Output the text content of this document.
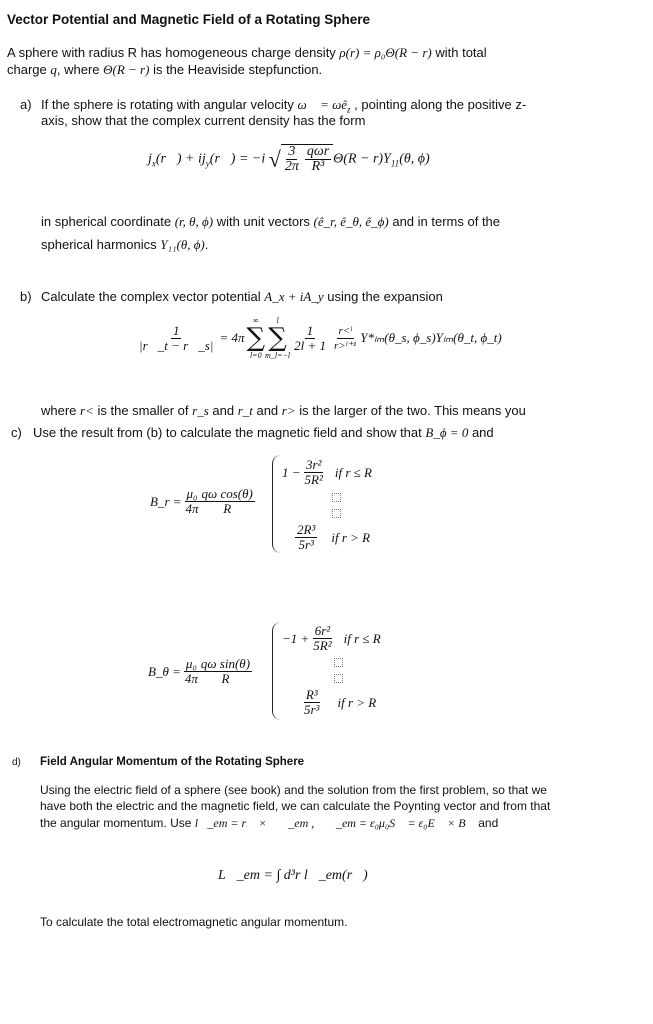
Vector Potential and Magnetic Field of a Rotating Sphere
A sphere with radius R has homogeneous charge density ρ(r) = ρ₀Θ(R − r) with total
charge q, where Θ(R − r) is the Heaviside stepfunction.
a) If the sphere is rotating with angular velocity ω⃗ = $\omega ê_z$ , pointing along the positive z-
axis, show that the complex current density has the form
$j_x(r⃗)$ + $ij_y(r⃗) = -i$ √ $\frac{3}{2\pi} \frac{\text{qωr}}{\text{R³}} \Theta(R - r)Y_{11}(\theta$, ϕ)
in spherical coordinate (r, θ, ϕ) with unit vectors (ê_r, ê_θ, ê_ϕ) and in terms of the
spherical harmonics Y₁₁(θ, ϕ).
b) Calculate the complex vector potential A_x + iA_y using the expansion
$\frac{1}{|r⃗\_t - r⃗\_s|} = 4\pi$
∞
∑
l=0
l
∑
m_l=−l
$\frac{1}{2l + 1} \frac{\text{r<ˡ}}{\text{r>ˡ⁺¹}}$ Y*ₗₘ(θ_s, ϕ_s)Yₗₘ(θ_t, ϕ_t)
where r< is the smaller of r_s and r_t and r> is the larger of the two. This means you
c) Use the result from (b) to calculate the magnetic field and show that B_ϕ = 0 and
B_r = $\frac{\text{μ₀}}{4\pi} \frac{\text{qω cos(θ)}}{R}$
$1 - \frac{\text{3r²}}{\text{5R²}}$ if r ≤ R
$\frac{\text{2R³}}{\text{5r³}}$ if r > R
B_θ = $\frac{\text{μ₀}}{4\pi} \frac{\text{qω sin(θ)}}{R}$
$-1 + \frac{\text{6r²}}{\text{5R²}}$ if r ≤ R
$\frac{\text{R³}}{\text{5r³}}$ if r > R
d) Field Angular Momentum of the Rotating Sphere
Using the electric field of a sphere (see book) and the solution from the first problem, so that we
have both the electric and the magnetic field, we can calculate the Poynting vector and from that
the angular momentum. Use l⃗_em = r⃗ × ℘⃗_em , ℘⃗_em = ε₀μ₀S⃗ = ε₀E⃗ × B⃗ and
L⃗_em = ∫ d³r l⃗_em(r⃗)
To calculate the total electromagnetic angular momentum.
